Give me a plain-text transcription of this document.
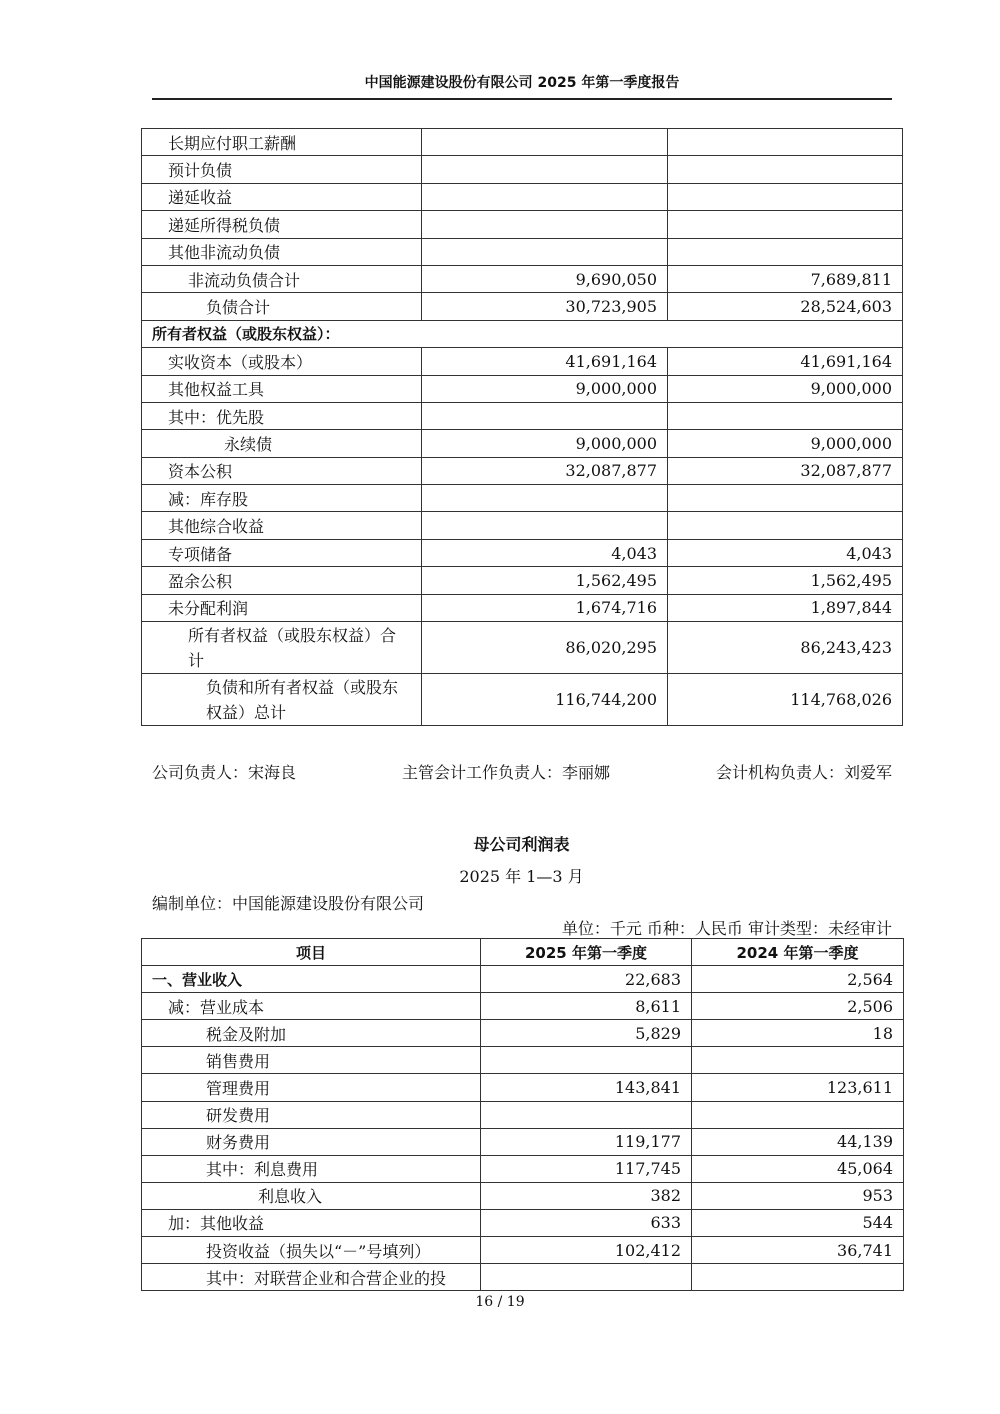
中国能源建设股份有限公司 2025 年第一季度报告
长期应付职工薪酬		
预计负债		
递延收益		
递延所得税负债		
其他非流动负债		
非流动负债合计	9,690,050	7,689,811
负债合计	30,723,905	28,524,603
所有者权益（或股东权益）：		
实收资本（或股本）	41,691,164	41,691,164
其他权益工具	9,000,000	9,000,000
其中：优先股		
永续债	9,000,000	9,000,000
资本公积	32,087,877	32,087,877
减：库存股		
其他综合收益		
专项储备	4,043	4,043
盈余公积	1,562,495	1,562,495
未分配利润	1,674,716	1,897,844
所有者权益（或股东权益）合计	86,020,295	86,243,423
负债和所有者权益（或股东权益）总计	116,744,200	114,768,026
公司负责人：宋海良	主管会计工作负责人：李丽娜	会计机构负责人：刘爱军
母公司利润表
2025 年 1—3 月
编制单位：中国能源建设股份有限公司
单位：千元 币种：人民币 审计类型：未经审计
项目	2025 年第一季度	2024 年第一季度
一、营业收入	22,683	2,564
减：营业成本	8,611	2,506
税金及附加	5,829	18
销售费用		
管理费用	143,841	123,611
研发费用		
财务费用	119,177	44,139
其中：利息费用	117,745	45,064
利息收入	382	953
加：其他收益	633	544
投资收益（损失以“－”号填列）	102,412	36,741
其中：对联营企业和合营企业的投		
16 / 19
